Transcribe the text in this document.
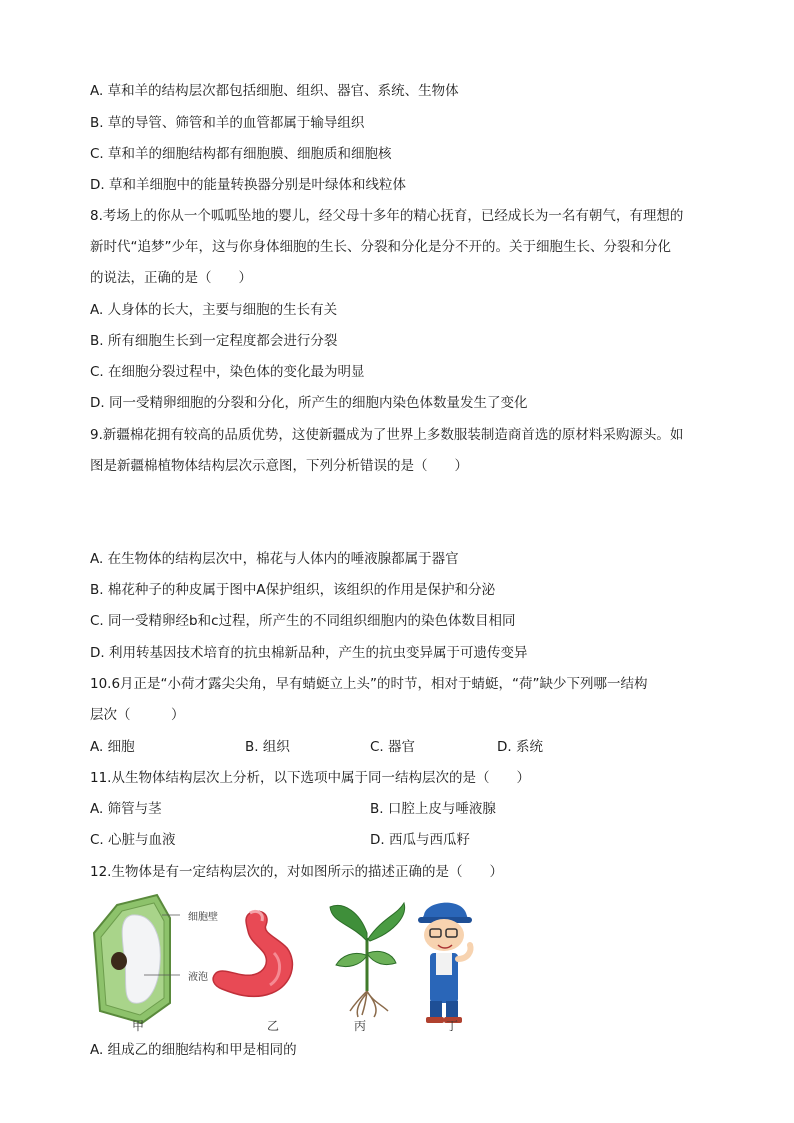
A. 草和羊的结构层次都包括细胞、组织、器官、系统、生物体
B. 草的导管、筛管和羊的血管都属于输导组织
C. 草和羊的细胞结构都有细胞膜、细胞质和细胞核
D. 草和羊细胞中的能量转换器分别是叶绿体和线粒体
8.考场上的你从一个呱呱坠地的婴儿，经父母十多年的精心抚育，已经成长为一名有朝气，有理想的
新时代“追梦”少年，这与你身体细胞的生长、分裂和分化是分不开的。关于细胞生长、分裂和分化
的说法，正确的是（　　）
A. 人身体的长大，主要与细胞的生长有关
B. 所有细胞生长到一定程度都会进行分裂
C. 在细胞分裂过程中，染色体的变化最为明显
D. 同一受精卵细胞的分裂和分化，所产生的细胞内染色体数量发生了变化
9.新疆棉花拥有较高的品质优势，这使新疆成为了世界上多数服装制造商首选的原材料采购源头。如
图是新疆棉植物体结构层次示意图，下列分析错误的是（　　）
A. 在生物体的结构层次中，棉花与人体内的唾液腺都属于器官
B. 棉花种子的种皮属于图中A保护组织，该组织的作用是保护和分泌
C. 同一受精卵经b和c过程，所产生的不同组织细胞内的染色体数目相同
D. 利用转基因技术培育的抗虫棉新品种，产生的抗虫变异属于可遗传变异
10.6月正是“小荷才露尖尖角，早有蜻蜓立上头”的时节，相对于蜻蜓，“荷”缺少下列哪一结构
层次（　　　）
A. 细胞	B. 组织	C. 器官	D. 系统
11.从生物体结构层次上分析，以下选项中属于同一结构层次的是（　　）
A. 筛管与茎	B. 口腔上皮与唾液腺
C. 心脏与血液	D. 西瓜与西瓜籽
12.生物体是有一定结构层次的，对如图所示的描述正确的是（　　）
细胞壁
液泡
甲	乙	丙	丁
A. 组成乙的细胞结构和甲是相同的
